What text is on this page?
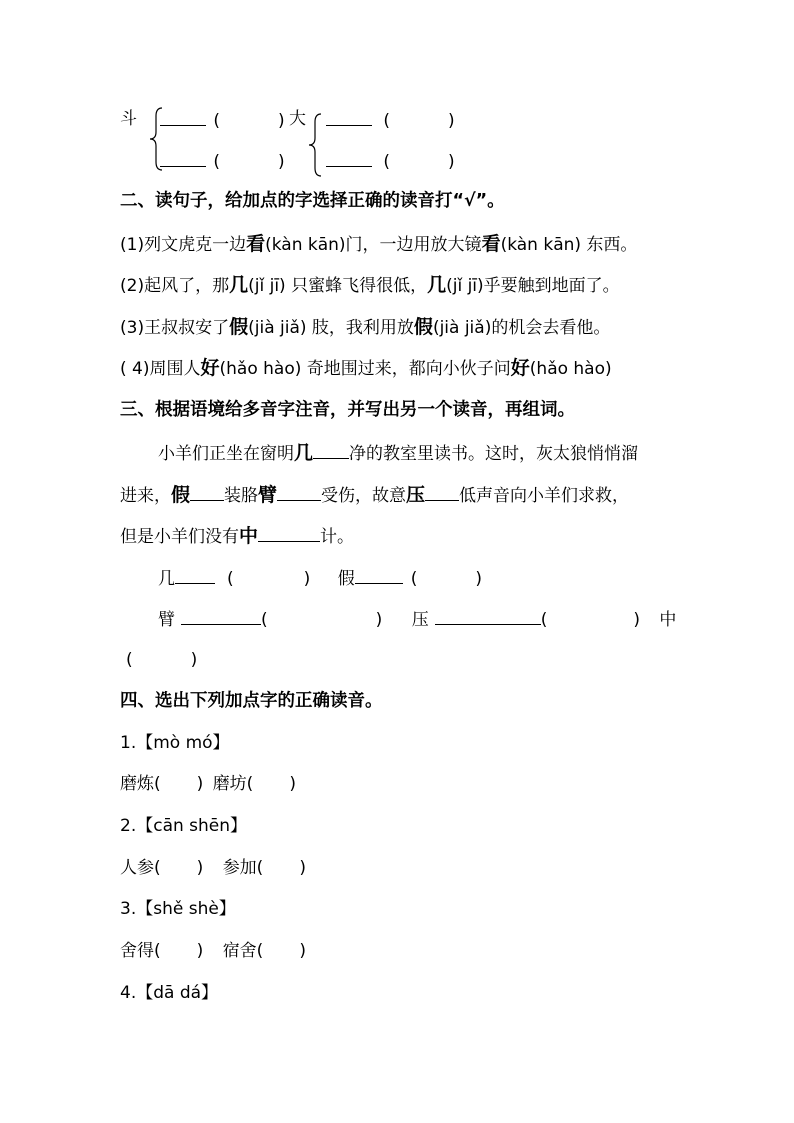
斗	(	) 大
(	)
(	)
(	)
二、读句子，给加点的字选择正确的读音打“√”。
(1)列文虎克一边看(kàn kān)门，一边用放大镜看(kàn kān) 东西。
(2)起风了，那几(jǐ jī) 只蜜蜂飞得很低，几(jǐ jī)乎要触到地面了。
(3)王叔叔安了假(jià jiǎ) 肢，我利用放假(jià jiǎ)的机会去看他。
( 4)周围人好(hǎo hào) 奇地围过来，都向小伙子问好(hǎo hào)
三、根据语境给多音字注音，并写出另一个读音，再组词。
小羊们正坐在窗明几 净的教室里读书。这时，灰太狼悄悄溜
进来，假 装胳臂	受伤，故意压 低声音向小羊们求救，
但是小羊们没有中	计。
几	(	) 假	(	)
臂	(	) 压	(	) 中
(	)
四、选出下列加点字的正确读音。
1.【mò mó】
磨炼( ) 磨坊( )
2.【cān shēn】
人参( ) 参加( )
3.【shě shè】
舍得( ) 宿舍( )
4.【dā dá】
